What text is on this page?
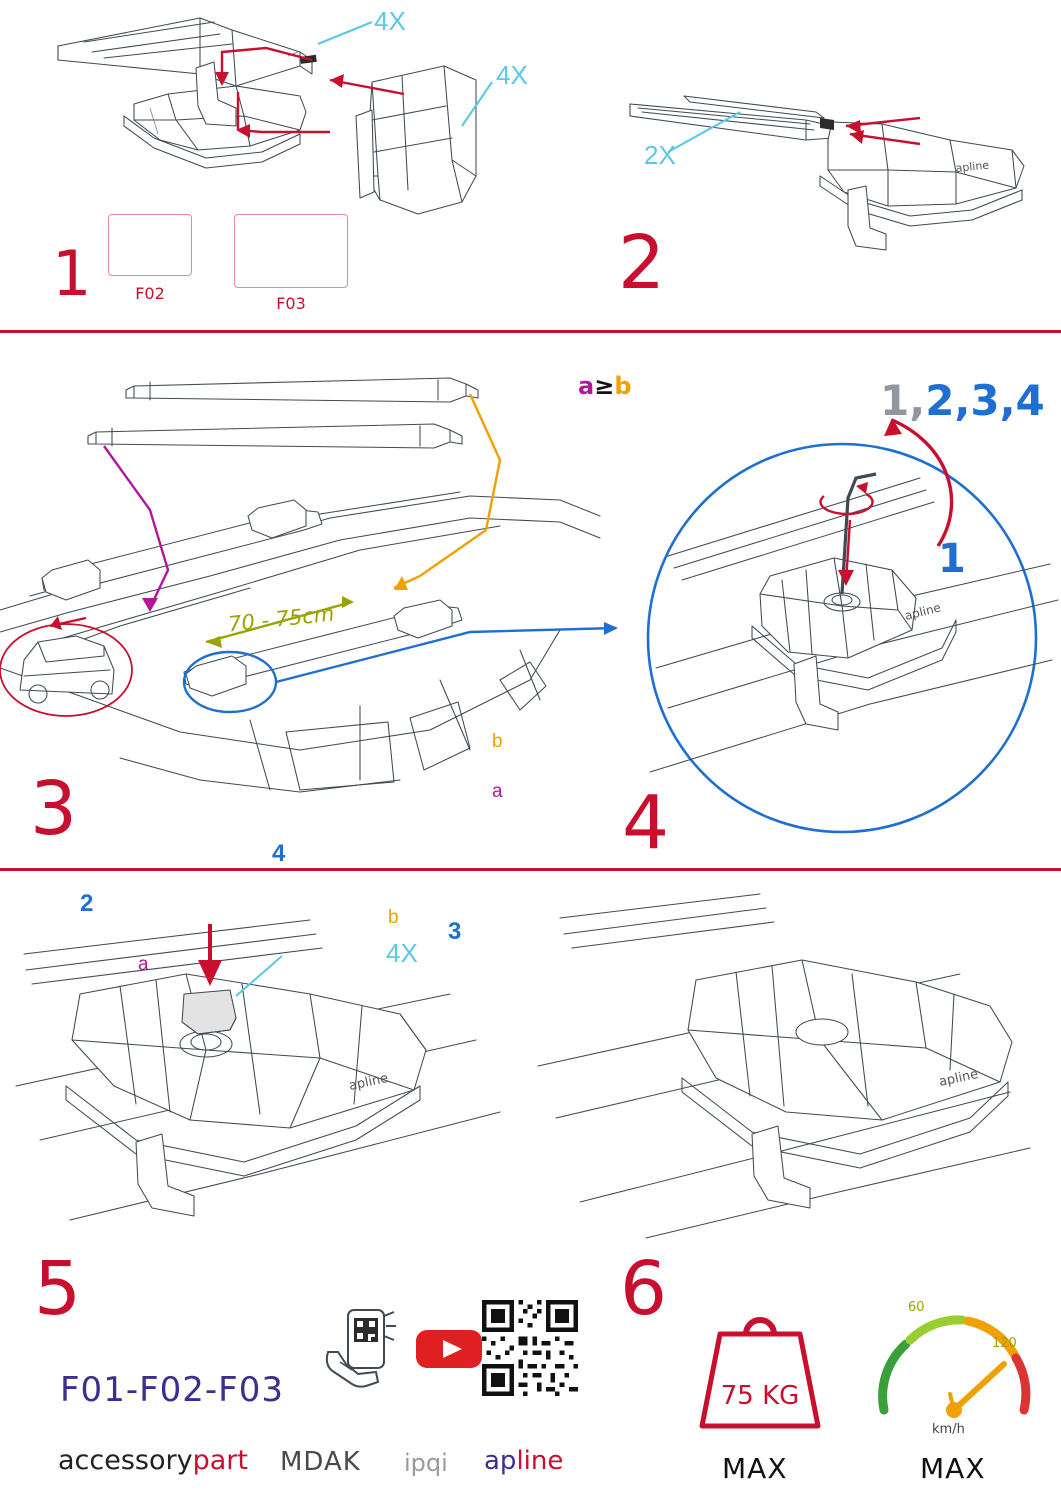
F02
F03
4X
4X
1
apline
2X
2
a
b
a
b
2
3
4
70 - 75cm
a≥b
3
apline
1,2,3,4
1
4
apline
4X
5
apline
F01-F02-F03
accessorypart MDAK ipqi apline
6
75 KG
MAX
60
120
km/h
MAX
